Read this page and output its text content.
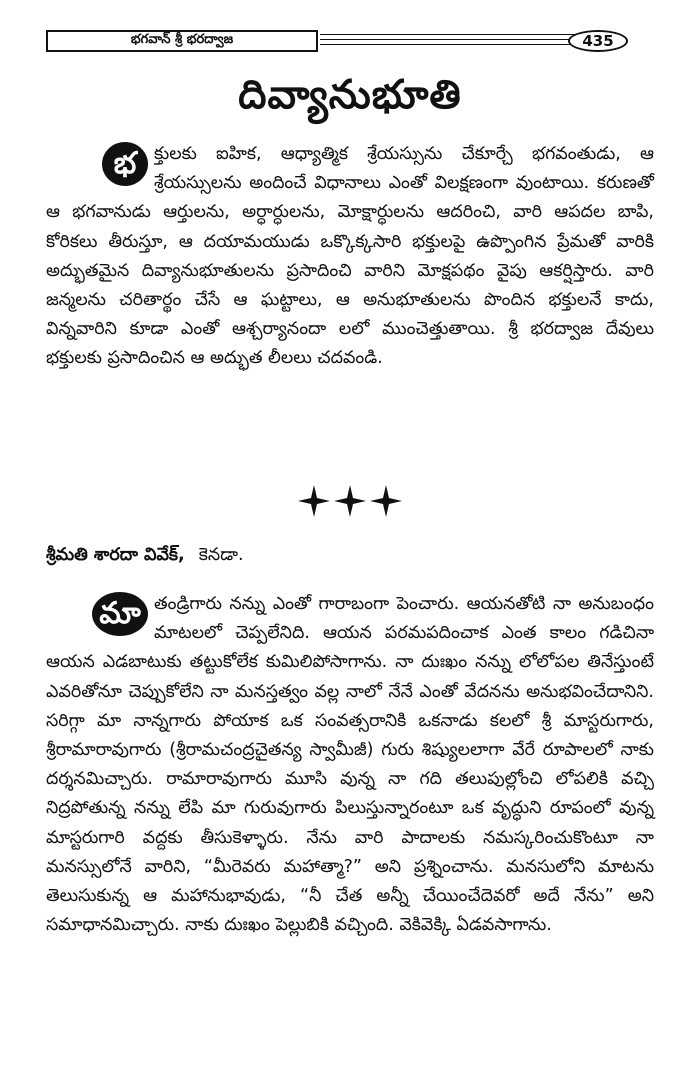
భగవాన్ శ్రీ భరద్వాజ	435
దివ్యానుభూతి
భ	క్తులకు ఐహిక, ఆధ్యాత్మిక శ్రేయస్సును చేకూర్చే భగవంతుడు, ఆ శ్రేయస్సులను అందించే విధానాలు ఎంతో విలక్షణంగా వుంటాయి. కరుణతో ఆ భగవానుడు ఆర్తులను, అర్ధార్ధులను, మోక్షార్ధులను ఆదరించి, వారి ఆపదల బాపి, కోరికలు తీరుస్తూ, ఆ దయామయుడు ఒక్కొక్కసారి భక్తులపై ఉప్పొంగిన ప్రేమతో వారికి అద్భుతమైన దివ్యానుభూతులను ప్రసాదించి వారిని మోక్షపథం వైపు ఆకర్షిస్తారు. వారి జన్మలను చరితార్థం చేసే ఆ ఘట్టాలు, ఆ అనుభూతులను పొందిన భక్తులనే కాదు, విన్నవారిని కూడా ఎంతో ఆశ్చర్యానందా లలో ముంచెత్తుతాయి. శ్రీ భరద్వాజ దేవులు భక్తులకు ప్రసాదించిన ఆ అద్భుత లీలలు చదవండి.
శ్రీమతి శారదా వివేక్, కెనడా.
మా తండ్రిగారు నన్ను ఎంతో గారాబంగా పెంచారు. ఆయనతోటి నా అనుబంధం మాటలలో చెప్పలేనిది. ఆయన పరమపదించాక ఎంత కాలం గడిచినా ఆయన ఎడబాటుకు తట్టుకోలేక కుమిలిపోసాగాను. నా దుఃఖం నన్ను లోలోపల తినేస్తుంటే ఎవరితోనూ చెప్పుకోలేని నా మనస్తత్వం వల్ల నాలో నేనే ఎంతో వేదనను అనుభవించేదానిని. సరిగ్గా మా నాన్నగారు పోయాక ఒక సంవత్సరానికి ఒకనాడు కలలో శ్రీ మాస్టరుగారు, శ్రీరామారావుగారు (శ్రీరామచంద్రచైతన్య స్వామీజీ) గురు శిష్యులలాగా వేరే రూపాలలో నాకు దర్శనమిచ్చారు. రామారావుగారు మూసి వున్న నా గది తలుపుల్లోంచి లోపలికి వచ్చి నిద్రపోతున్న నన్ను లేపి మా గురువుగారు పిలుస్తున్నారంటూ ఒక వృద్ధుని రూపంలో వున్న మాస్టరుగారి వద్దకు తీసుకెళ్ళారు. నేను వారి పాదాలకు నమస్కరించుకొంటూ నా మనస్సులోనే వారిని, “మీరెవరు మహాత్మా?” అని ప్రశ్నించాను. మనసులోని మాటను తెలుసుకున్న ఆ మహానుభావుడు, “నీ చేత అన్నీ చేయించేదెవరో అదే నేను” అని సమాధానమిచ్చారు. నాకు దుఃఖం పెల్లుబికి వచ్చింది. వెకివెక్కి ఏడవసాగాను.
